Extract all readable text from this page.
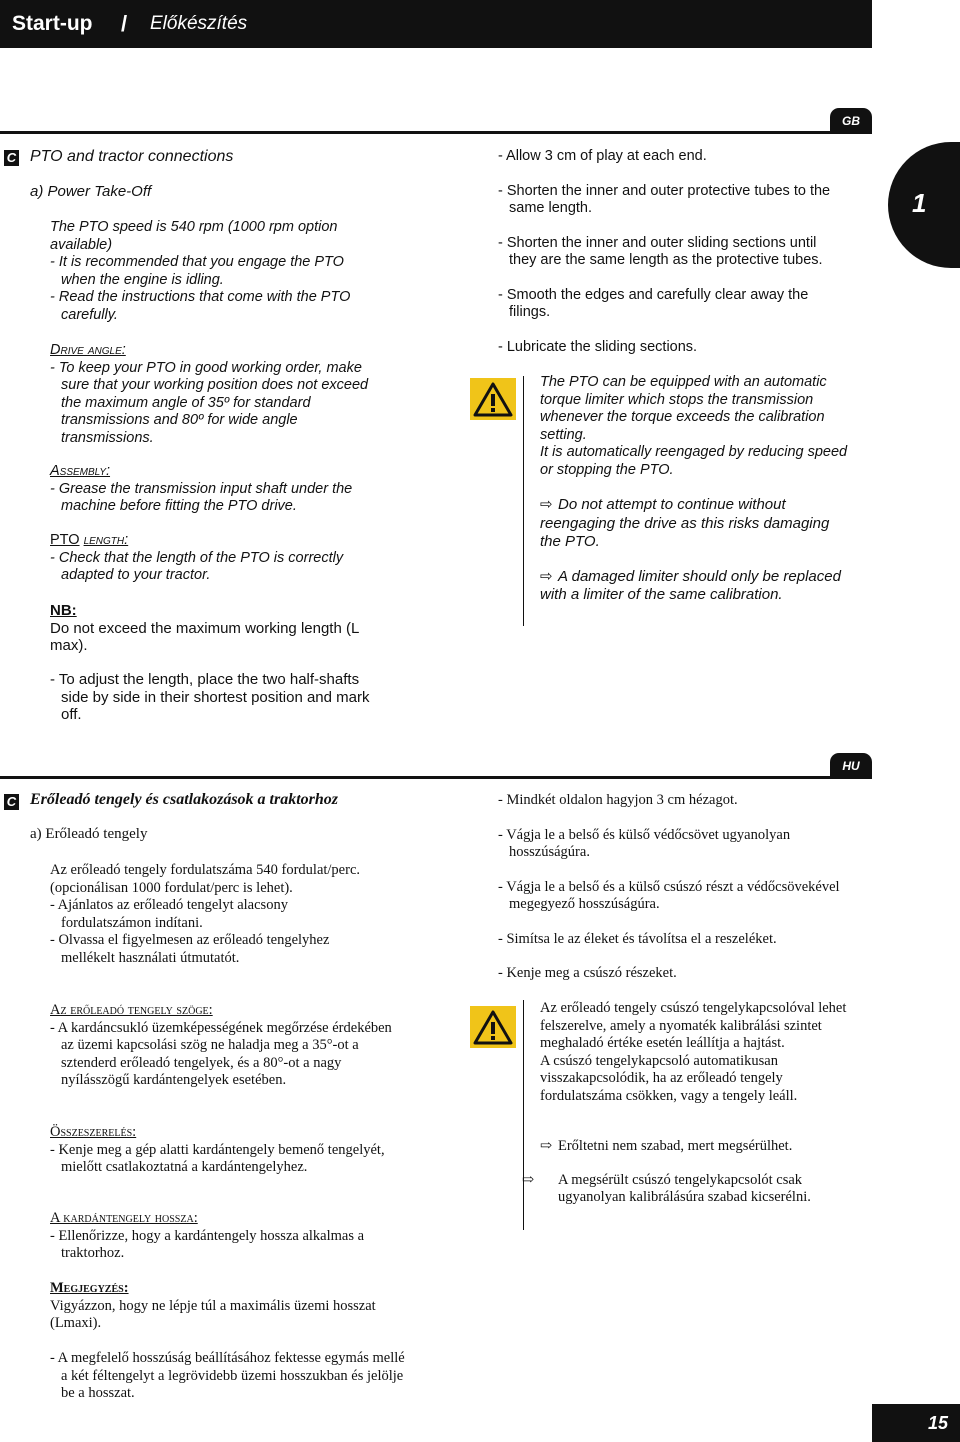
Start-up / Előkészítés
1
GB
C PTO and tractor connections
a) Power Take-Off

The PTO speed is 540 rpm (1000 rpm option available)

- It is recommended that you engage the PTO when the engine is idling.

- Read the instructions that come with the PTO carefully.

Drive angle:

- To keep your PTO in good working order, make sure that your working position does not exceed the maximum angle of 35º for standard transmissions and 80º for wide angle transmissions.

Assembly:

- Grease the transmission input shaft under the machine before fitting the PTO drive.

PTO length:

- Check that the length of the PTO is correctly adapted to your tractor.

NB:

Do not exceed the maximum working length (L max).

- To adjust the length, place the two half-shafts side by side in their shortest position and mark off.

- Allow 3 cm of play at each end.

- Shorten the inner and outer protective tubes to the same length.

- Shorten the inner and outer sliding sections until they are the same length as the protective tubes.

- Smooth the edges and carefully clear away the filings.

- Lubricate the sliding sections.

The PTO can be equipped with an automatic torque limiter which stops the transmission whenever the torque exceeds the calibration setting.

It is automatically reengaged by reducing speed or stopping the PTO.

⇨ Do not attempt to continue without reengaging the drive as this risks damaging the PTO.

⇨ A damaged limiter should only be replaced with a limiter of the same calibration.

HU
C Erőleadó tengely és csatlakozások a traktorhoz
a) Erőleadó tengely

Az erőleadó tengely fordulatszáma 540 fordulat/perc.

(opcionálisan 1000 fordulat/perc is lehet).

- Ajánlatos az erőleadó tengelyt alacsony fordulatszámon indítani.

- Olvassa el figyelmesen az erőleadó tengelyhez mellékelt használati útmutatót.

Az erőleadó tengely szöge:

- A kardáncsukló üzemképességének megőrzése érdekében az üzemi kapcsolási szög ne haladja meg a 35°-ot a sztenderd erőleadó tengelyek, és a 80°-ot a nagy nyílásszögű kardántengelyek esetében.

Összeszerelés:

- Kenje meg a gép alatti kardántengely bemenő tengelyét, mielőtt csatlakoztatná a kardántengelyhez.

A kardántengely hossza:

- Ellenőrizze, hogy a kardántengely hossza alkalmas a traktorhoz.

Megjegyzés:

Vigyázzon, hogy ne lépje túl a maximális üzemi hosszat (Lmaxi).

- A megfelelő hosszúság beállításához fektesse egymás mellé a két féltengelyt a legrövidebb üzemi hosszukban és jelölje be a hosszat.

- Mindkét oldalon hagyjon 3 cm hézagot.

- Vágja le a belső és külső védőcsövet ugyanolyan hosszúságúra.

- Vágja le a belső és a külső csúszó részt a védőcsövekével megegyező hosszúságúra.

- Simítsa le az éleket és távolítsa el a reszeléket.

- Kenje meg a csúszó részeket.

Az erőleadó tengely csúszó tengelykapcsolóval lehet felszerelve, amely a nyomaték kalibrálási szintet meghaladó értéke esetén leállítja a hajtást.

A csúszó tengelykapcsoló automatikusan visszakapcsolódik, ha az erőleadó tengely fordulatszáma csökken, vagy a tengely leáll.

⇨ Erőltetni nem szabad, mert megsérülhet.

⇨ A megsérült csúszó tengelykapcsolót csak ugyanolyan kalibrálásúra szabad kicserélni.

15
